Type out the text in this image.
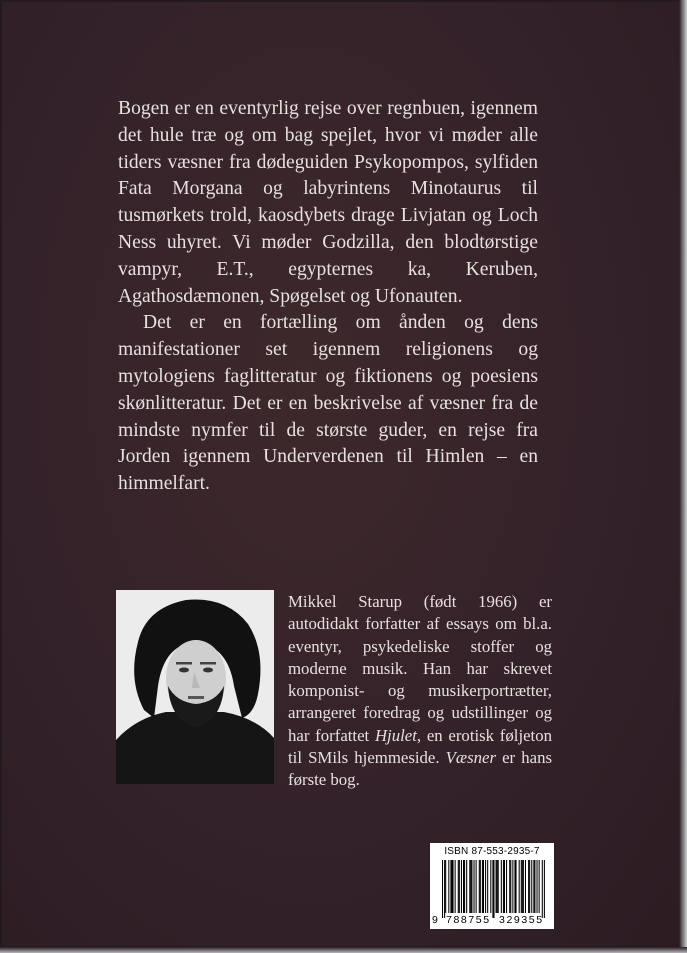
Bogen er en eventyrlig rejse over regnbuen, igennem det hule træ og om bag spejlet, hvor vi møder alle tiders væsner fra dødeguiden Psykopompos, sylfiden Fata Morgana og labyrintens Minotaurus til tusmørkets trold, kaosdybets drage Livjatan og Loch Ness uhyret. Vi møder Godzilla, den blodtørstige vampyr, E.T., egypternes ka, Keruben, Agathosdæmonen, Spøgelset og Ufonauten.

Det er en fortælling om ånden og dens manifestationer set igennem religionens og mytologiens faglitteratur og fiktionens og poesiens skønlitteratur. Det er en beskrivelse af væsner fra de mindste nymfer til de største guder, en rejse fra Jorden igennem Underverdenen til Himlen – en himmelfart.

Mikkel Starup (født 1966) er autodidakt forfatter af essays om bl.a. eventyr, psykedeliske stoffer og moderne musik. Han har skrevet komponist- og musikerportrætter, arrangeret foredrag og udstillinger og har forfattet Hjulet, en erotisk føljeton til SMils hjemmeside. Væsner er hans første bog.
ISBN 87-553-2935-7
9 788755 329355
